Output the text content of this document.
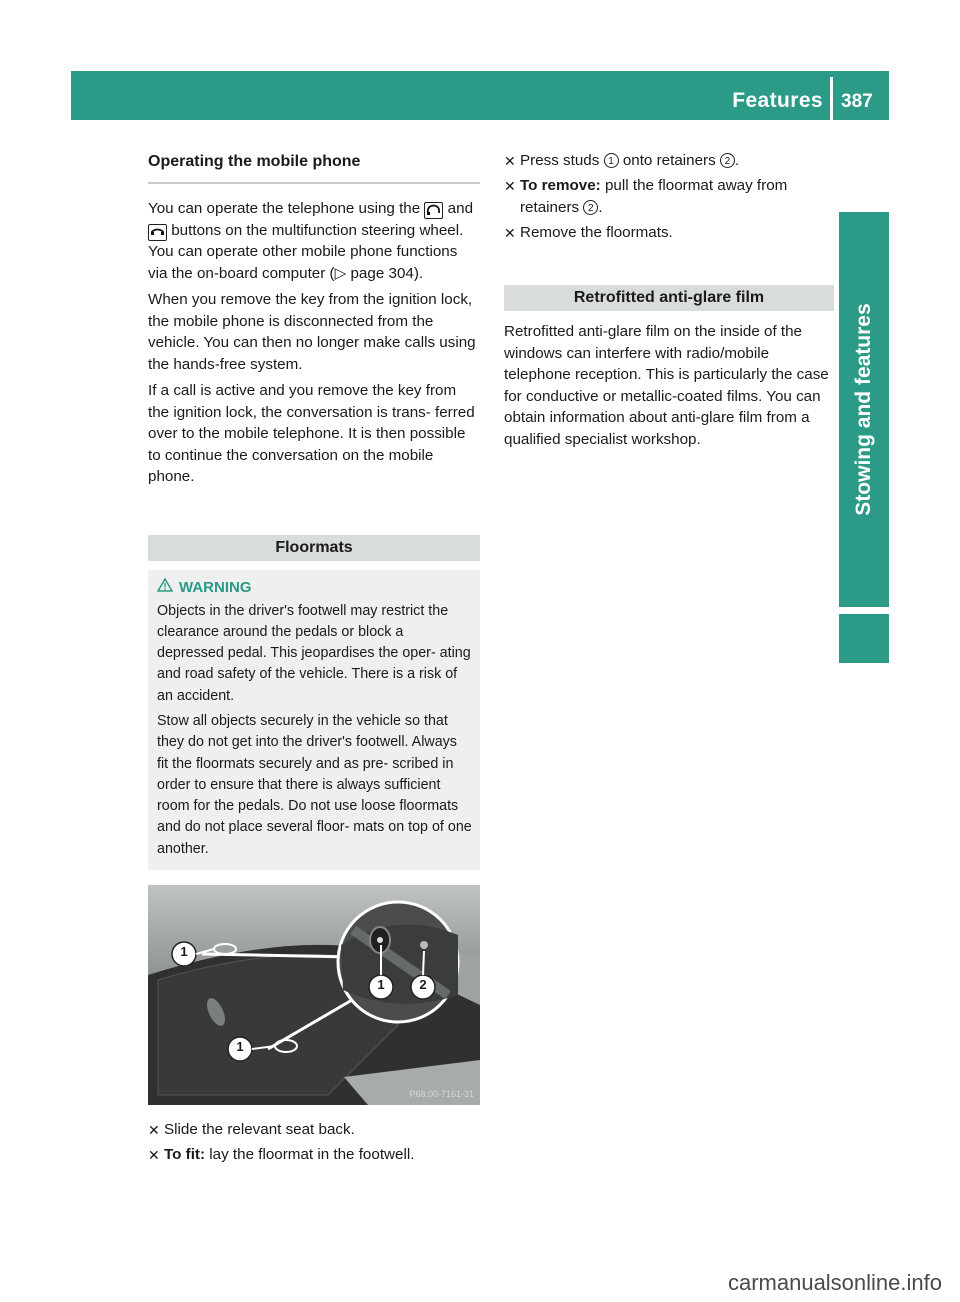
Features 387
Stowing and features
Operating the mobile phone

You can operate the telephone using the and  buttons on the multifunction steering wheel. You can operate other mobile phone functions via the on-board computer (▷ page 304).

When you remove the key from the ignition lock, the mobile phone is disconnected from the vehicle. You can then no longer make calls using the hands-free system.

If a call is active and you remove the key from the ignition lock, the conversation is trans- ferred over to the mobile telephone. It is then possible to continue the conversation on the mobile phone.

Floormats
WARNING

Objects in the driver's footwell may restrict the clearance around the pedals or block a depressed pedal. This jeopardises the oper- ating and road safety of the vehicle. There is a risk of an accident.

Stow all objects securely in the vehicle so that they do not get into the driver's footwell. Always fit the floormats securely and as pre- scribed in order to ensure that there is always sufficient room for the pedals. Do not use loose floormats and do not place several floor- mats on top of one another.

1
1
1	2
P68.00-7161-31
✕ Slide the relevant seat back.
✕ To fit: lay the floormat in the footwell.
✕ Press studs 1 onto retainers 2 .
✕ To remove: pull the floormat away from retainers 2 .
✕ Remove the floormats.
Retrofitted anti-glare film

Retrofitted anti-glare film on the inside of the windows can interfere with radio/mobile telephone reception. This is particularly the case for conductive or metallic-coated films. You can obtain information about anti-glare film from a qualified specialist workshop.

carmanualsonline.info
